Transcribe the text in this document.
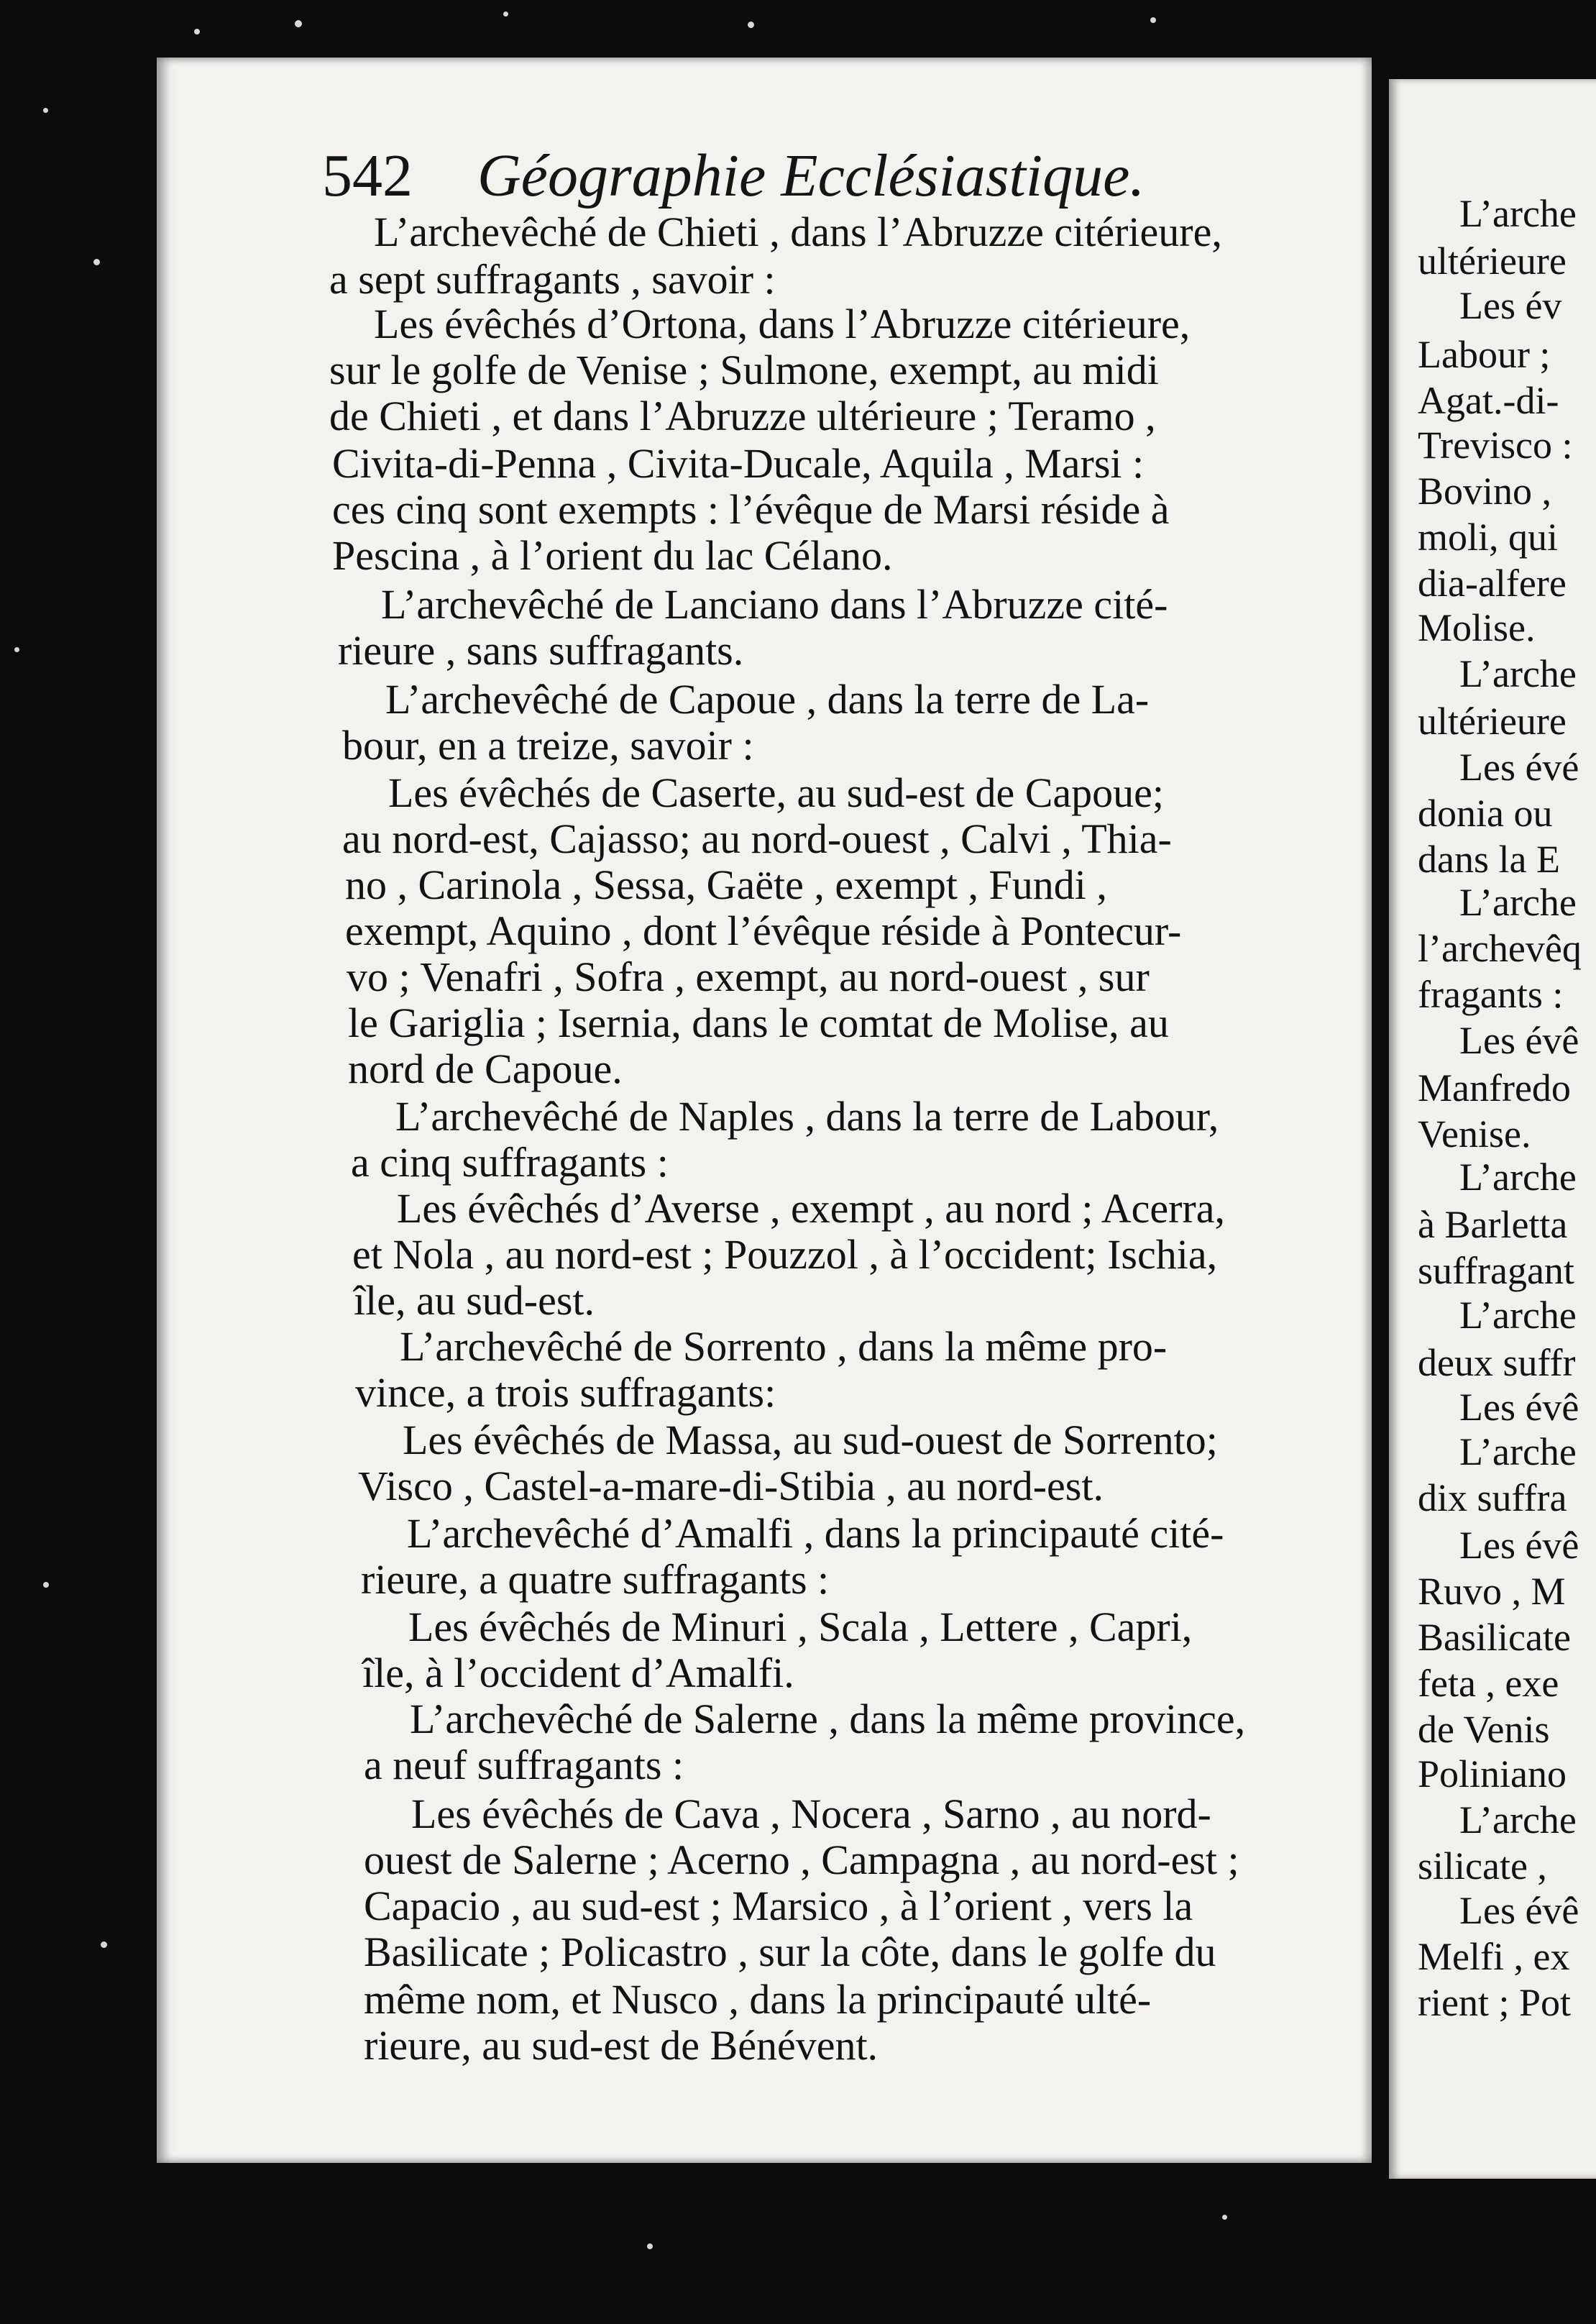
542 Géographie Ecclésiastique.
L’archevêché de Chieti , dans l’Abruzze citérieure,
a sept suffragants , savoir :
Les évêchés d’Ortona, dans l’Abruzze citérieure,
sur le golfe de Venise ; Sulmone, exempt, au midi
de Chieti , et dans l’Abruzze ultérieure ; Teramo ,
Civita-di-Penna , Civita-Ducale, Aquila , Marsi :
ces cinq sont exempts : l’évêque de Marsi réside à
Pescina , à l’orient du lac Célano.
L’archevêché de Lanciano dans l’Abruzze cité-
rieure , sans suffragants.
L’archevêché de Capoue , dans la terre de La-
bour, en a treize, savoir :
Les évêchés de Caserte, au sud-est de Capoue;
au nord-est, Cajasso; au nord-ouest , Calvi , Thia-
no , Carinola , Sessa, Gaëte , exempt , Fundi ,
exempt, Aquino , dont l’évêque réside à Pontecur-
vo ; Venafri , Sofra , exempt, au nord-ouest , sur
le Gariglia ; Isernia, dans le comtat de Molise, au
nord de Capoue.
L’archevêché de Naples , dans la terre de Labour,
a cinq suffragants :
Les évêchés d’Averse , exempt , au nord ; Acerra,
et Nola , au nord-est ; Pouzzol , à l’occident; Ischia,
île, au sud-est.
L’archevêché de Sorrento , dans la même pro-
vince, a trois suffragants:
Les évêchés de Massa, au sud-ouest de Sorrento;
Visco , Castel-a-mare-di-Stibia , au nord-est.
L’archevêché d’Amalfi , dans la principauté cité-
rieure, a quatre suffragants :
Les évêchés de Minuri , Scala , Lettere , Capri,
île, à l’occident d’Amalfi.
L’archevêché de Salerne , dans la même province,
a neuf suffragants :
Les évêchés de Cava , Nocera , Sarno , au nord-
ouest de Salerne ; Acerno , Campagna , au nord-est ;
Capacio , au sud-est ; Marsico , à l’orient , vers la
Basilicate ; Policastro , sur la côte, dans le golfe du
même nom, et Nusco , dans la principauté ulté-
rieure, au sud-est de Bénévent.
L’arche
ultérieure
Les év
Labour ;
Agat.-di-
Trevisco :
Bovino ,
moli, qui
dia-alfere
Molise.
L’arche
ultérieure
Les évé
donia ou
dans la E
L’arche
l’archevêq
fragants :
Les évê
Manfredo
Venise.
L’arche
à Barletta
suffragant
L’arche
deux suffr
Les évê
L’arche
dix suffra
Les évê
Ruvo , M
Basilicate
feta , exe
de Venis
Poliniano
L’arche
silicate ,
Les évê
Melfi , ex
rient ; Pot
